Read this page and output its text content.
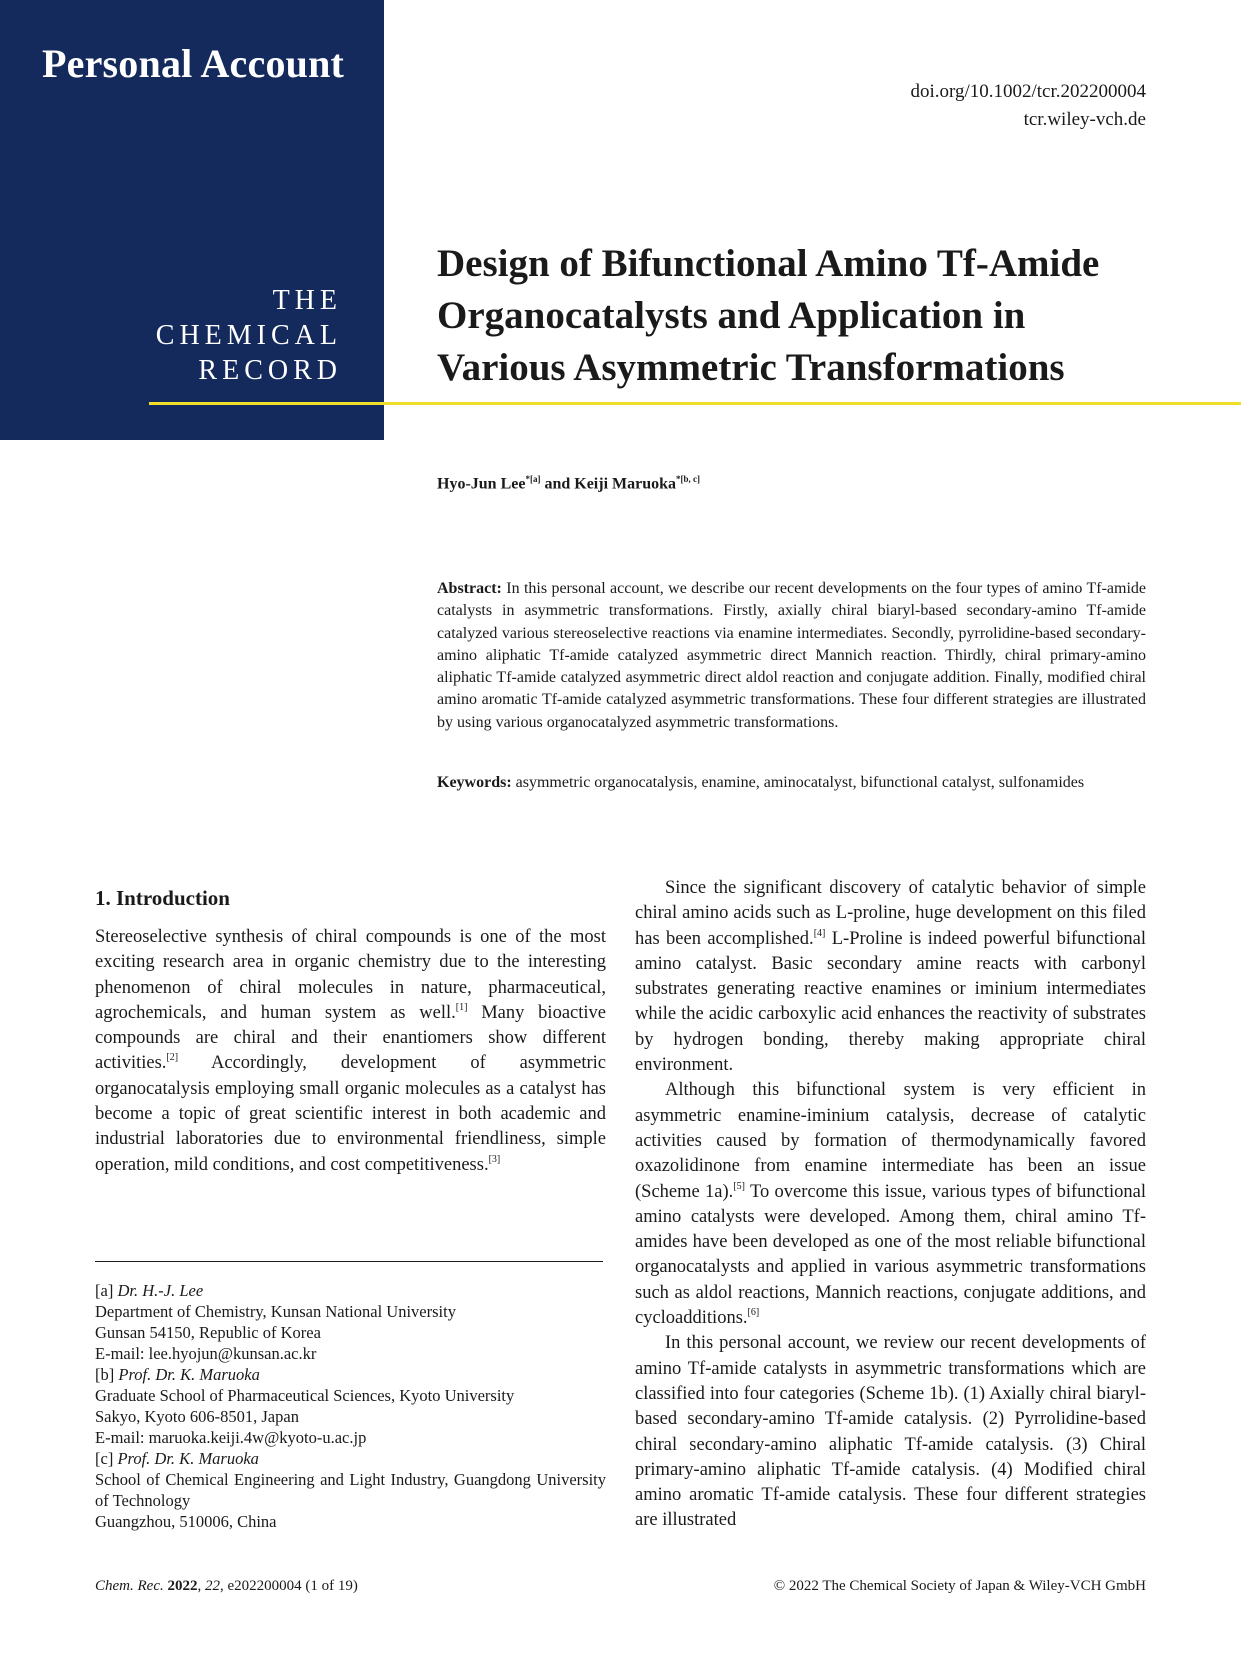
Personal Account
THE
CHEMICAL
RECORD
doi.org/10.1002/tcr.202200004
tcr.wiley-vch.de
Design of Bifunctional Amino Tf-Amide
Organocatalysts and Application in
Various Asymmetric Transformations
Hyo-Jun Lee$^{*[a]}$ and Keiji Maruoka$^{*[b, c]}$

Abstract: In this personal account, we describe our recent developments on the four types of amino Tf-amide catalysts in asymmetric transformations. Firstly, axially chiral biaryl-based secondary-amino Tf-amide catalyzed various stereoselective reactions via enamine intermediates. Secondly, pyrrolidine-based secondary-amino aliphatic Tf-amide catalyzed asymmetric direct Mannich reaction. Thirdly, chiral primary-amino aliphatic Tf-amide catalyzed asymmetric direct aldol reaction and conjugate addition. Finally, modified chiral amino aromatic Tf-amide catalyzed asymmetric transformations. These four different strategies are illustrated by using various organocatalyzed asymmetric transformations.

Keywords: asymmetric organocatalysis, enamine, aminocatalyst, bifunctional catalyst, sulfonamides

1. Introduction

Stereoselective synthesis of chiral compounds is one of the most exciting research area in organic chemistry due to the interesting phenomenon of chiral molecules in nature, pharmaceutical, agrochemicals, and human system as well.[1] Many bioactive compounds are chiral and their enantiomers show different activities.[2] Accordingly, development of asymmetric organocatalysis employing small organic molecules as a catalyst has become a topic of great scientific interest in both academic and industrial laboratories due to environmental friendliness, simple operation, mild conditions, and cost competitiveness.[3]

Since the significant discovery of catalytic behavior of simple chiral amino acids such as L-proline, huge development on this filed has been accomplished.[4] L-Proline is indeed powerful bifunctional amino catalyst. Basic secondary amine reacts with carbonyl substrates generating reactive enamines or iminium intermediates while the acidic carboxylic acid enhances the reactivity of substrates by hydrogen bonding, thereby making appropriate chiral environment.

Although this bifunctional system is very efficient in asymmetric enamine-iminium catalysis, decrease of catalytic activities caused by formation of thermodynamically favored oxazolidinone from enamine intermediate has been an issue (Scheme 1a).[5] To overcome this issue, various types of bifunctional amino catalysts were developed. Among them, chiral amino Tf-amides have been developed as one of the most reliable bifunctional organocatalysts and applied in various asymmetric transformations such as aldol reactions, Mannich reactions, conjugate additions, and cycloadditions.[6]

In this personal account, we review our recent developments of amino Tf-amide catalysts in asymmetric transformations which are classified into four categories (Scheme 1b). (1) Axially chiral biaryl-based secondary-amino Tf-amide catalysis. (2) Pyrrolidine-based chiral secondary-amino aliphatic Tf-amide catalysis. (3) Chiral primary-amino aliphatic Tf-amide catalysis. (4) Modified chiral amino aromatic Tf-amide catalysis. These four different strategies are illustrated

[a] Dr. H.-J. Lee
Department of Chemistry, Kunsan National University
Gunsan 54150, Republic of Korea
E-mail: lee.hyojun@kunsan.ac.kr
[b] Prof. Dr. K. Maruoka
Graduate School of Pharmaceutical Sciences, Kyoto University
Sakyo, Kyoto 606-8501, Japan
E-mail: maruoka.keiji.4w@kyoto-u.ac.jp
[c] Prof. Dr. K. Maruoka
School of Chemical Engineering and Light Industry, Guangdong University of Technology
Guangzhou, 510006, China
Chem. Rec. 2022, 22, e202200004 (1 of 19)	© 2022 The Chemical Society of Japan & Wiley-VCH GmbH
